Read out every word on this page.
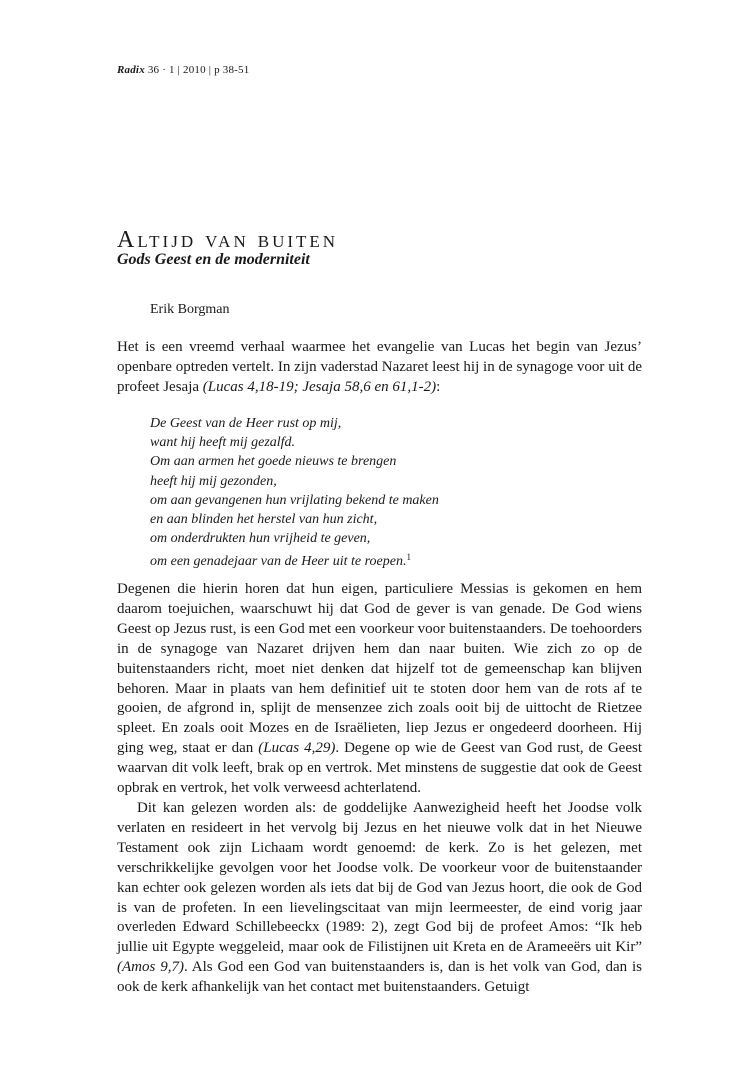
Radix 36 · 1 | 2010 | p 38-51
Altijd van buiten
Gods Geest en de moderniteit
Erik Borgman

Het is een vreemd verhaal waarmee het evangelie van Lucas het begin van Jezus’ openbare optreden vertelt. In zijn vaderstad Nazaret leest hij in de synagoge voor uit de profeet Jesaja (Lucas 4,18-19; Jesaja 58,6 en 61,1-2):

De Geest van de Heer rust op mij,
want hij heeft mij gezalfd.
Om aan armen het goede nieuws te brengen
heeft hij mij gezonden,
om aan gevangenen hun vrijlating bekend te maken
en aan blinden het herstel van hun zicht,
om onderdrukten hun vrijheid te geven,
om een genadejaar van de Heer uit te roepen.$^1$

Degenen die hierin horen dat hun eigen, particuliere Messias is gekomen en hem daarom toejuichen, waarschuwt hij dat God de gever is van genade. De God wiens Geest op Jezus rust, is een God met een voorkeur voor buitenstaanders. De toehoorders in de synagoge van Nazaret drijven hem dan naar buiten. Wie zich zo op de buitenstaanders richt, moet niet denken dat hijzelf tot de gemeenschap kan blijven behoren. Maar in plaats van hem definitief uit te stoten door hem van de rots af te gooien, de afgrond in, splijt de mensenzee zich zoals ooit bij de uittocht de Rietzee spleet. En zoals ooit Mozes en de Israëlieten, liep Jezus er ongedeerd doorheen. Hij ging weg, staat er dan (Lucas 4,29). Degene op wie de Geest van God rust, de Geest waarvan dit volk leeft, brak op en vertrok. Met minstens de suggestie dat ook de Geest opbrak en vertrok, het volk verweesd achterlatend.

Dit kan gelezen worden als: de goddelijke Aanwezigheid heeft het Joodse volk verlaten en resideert in het vervolg bij Jezus en het nieuwe volk dat in het Nieuwe Testament ook zijn Lichaam wordt genoemd: de kerk. Zo is het gelezen, met verschrikkelijke gevolgen voor het Joodse volk. De voorkeur voor de buitenstaander kan echter ook gelezen worden als iets dat bij de God van Jezus hoort, die ook de God is van de profeten. In een lievelingscitaat van mijn leermeester, de eind vorig jaar overleden Edward Schillebeeckx (1989: 2), zegt God bij de profeet Amos: “Ik heb jullie uit Egypte weggeleid, maar ook de Filistijnen uit Kreta en de Arameeërs uit Kir” (Amos 9,7). Als God een God van buitenstaanders is, dan is het volk van God, dan is ook de kerk afhankelijk van het contact met buitenstaanders. Getuigt
